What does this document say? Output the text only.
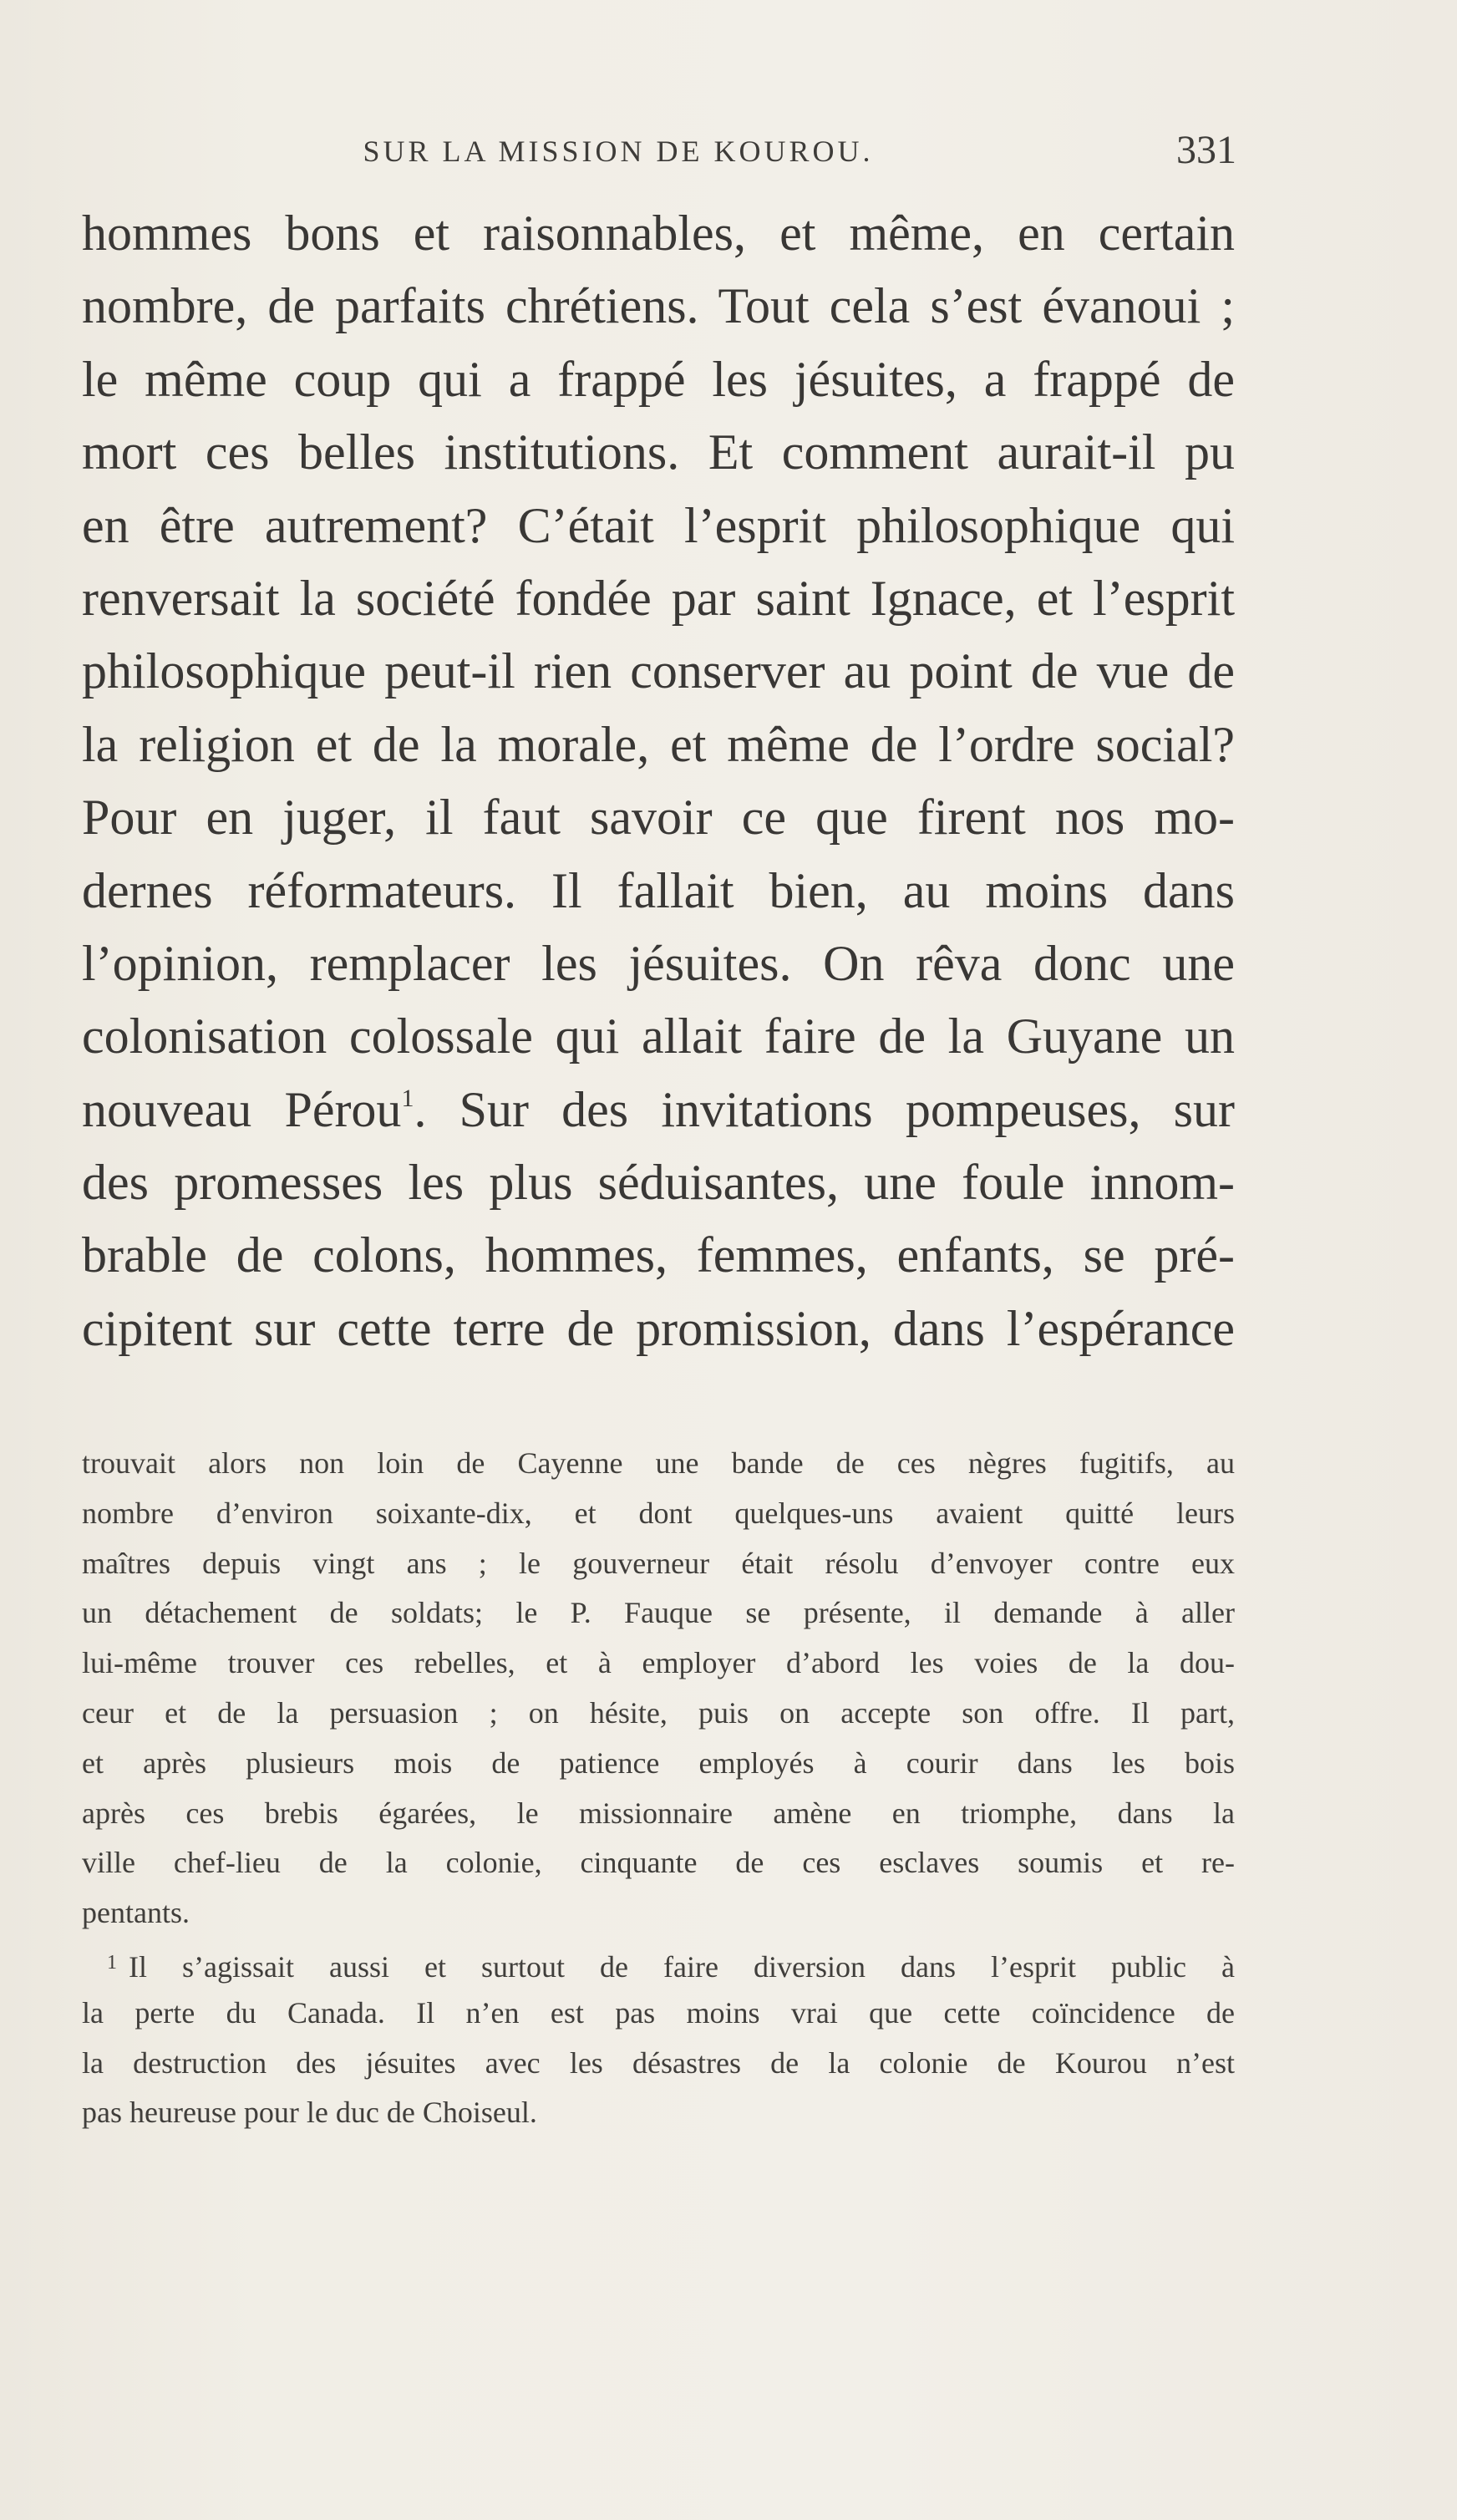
SUR LA MISSION DE KOUROU.	331
hommes bons et raisonnables, et même, en certain
nombre, de parfaits chrétiens. Tout cela s’est évanoui ;
le même coup qui a frappé les jésuites, a frappé de
mort ces belles institutions. Et comment aurait-il pu
en être autrement? C’était l’esprit philosophique qui
renversait la société fondée par saint Ignace, et l’esprit
philosophique peut-il rien conserver au point de vue de
la religion et de la morale, et même de l’ordre social?
Pour en juger, il faut savoir ce que firent nos mo-
dernes réformateurs. Il fallait bien, au moins dans
l’opinion, remplacer les jésuites. On rêva donc une
colonisation colossale qui allait faire de la Guyane un
nouveau Pérou$^1$. Sur des invitations pompeuses, sur
des promesses les plus séduisantes, une foule innom-
brable de colons, hommes, femmes, enfants, se pré-
cipitent sur cette terre de promission, dans l’espérance
trouvait alors non loin de Cayenne une bande de ces nègres fugitifs, au
nombre d’environ soixante-dix, et dont quelques-uns avaient quitté leurs
maîtres depuis vingt ans ; le gouverneur était résolu d’envoyer contre eux
un détachement de soldats; le P. Fauque se présente, il demande à aller
lui-même trouver ces rebelles, et à employer d’abord les voies de la dou-
ceur et de la persuasion ; on hésite, puis on accepte son offre. Il part,
et après plusieurs mois de patience employés à courir dans les bois
après ces brebis égarées, le missionnaire amène en triomphe, dans la
ville chef-lieu de la colonie, cinquante de ces esclaves soumis et re-
pentants.
$^1$ Il s’agissait aussi et surtout de faire diversion dans l’esprit public à
la perte du Canada. Il n’en est pas moins vrai que cette coïncidence de
la destruction des jésuites avec les désastres de la colonie de Kourou n’est
pas heureuse pour le duc de Choiseul.
